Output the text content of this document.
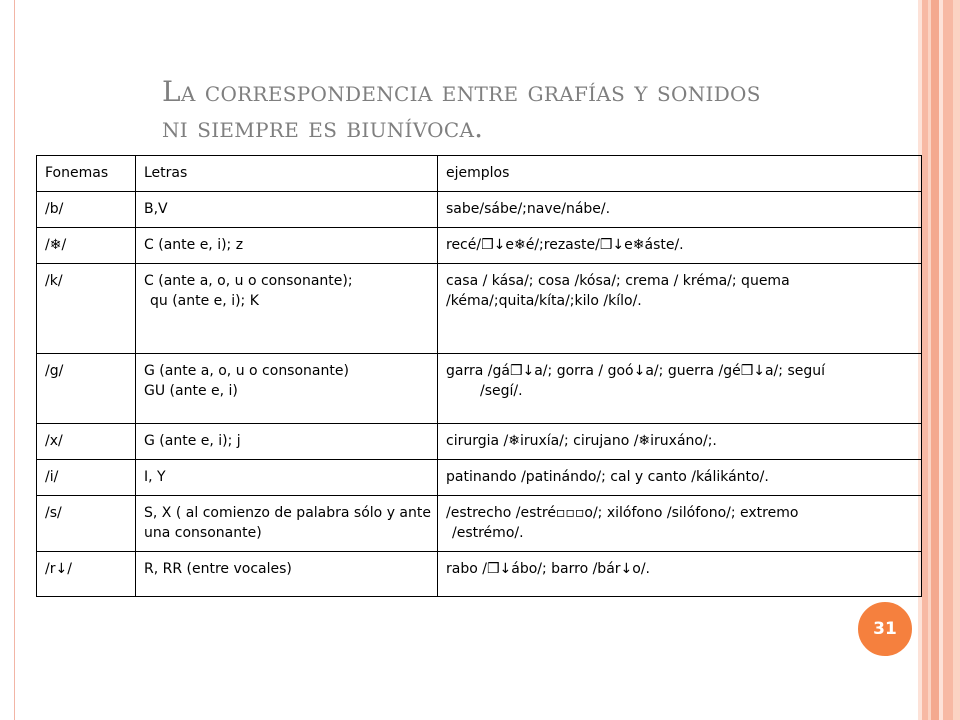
La correspondencia entre grafías y sonidos
ni siempre es biunívoca.
Fonemas	Letras	ejemplos
/b/	B,V	sabe/sábe/;nave/nábe/.
/❄/	C (ante e, i); z	recé/❒↓e❄é/;rezaste/❒↓e❄áste/.
/k/	C (ante a, o, u o consonante);
qu (ante e, i); K	casa / kása/; cosa /kósa/; crema / kréma/; quema
/kéma/;quita/kíta/;kilo /kílo/.

/g/	G (ante a, o, u o consonante)
GU (ante e, i)	garra /gá❒↓a/; gorra / goó↓a/; guerra /gé❒↓a/; seguí
/segí/.

/x/	G (ante e, i); j	cirurgia /❄iruxía/; cirujano /❄iruxáno/;.
/i/	I, Y	patinando /patinándo/; cal y canto /kálikánto/.
/s/	S, X ( al comienzo de palabra sólo y ante una consonante)	/estrecho /estré▫▫▫o/; xilófono /silófono/; extremo
/estrémo/.

/r↓/	R, RR (entre vocales)	rabo /❒↓ábo/; barro /bár↓o/.
31
